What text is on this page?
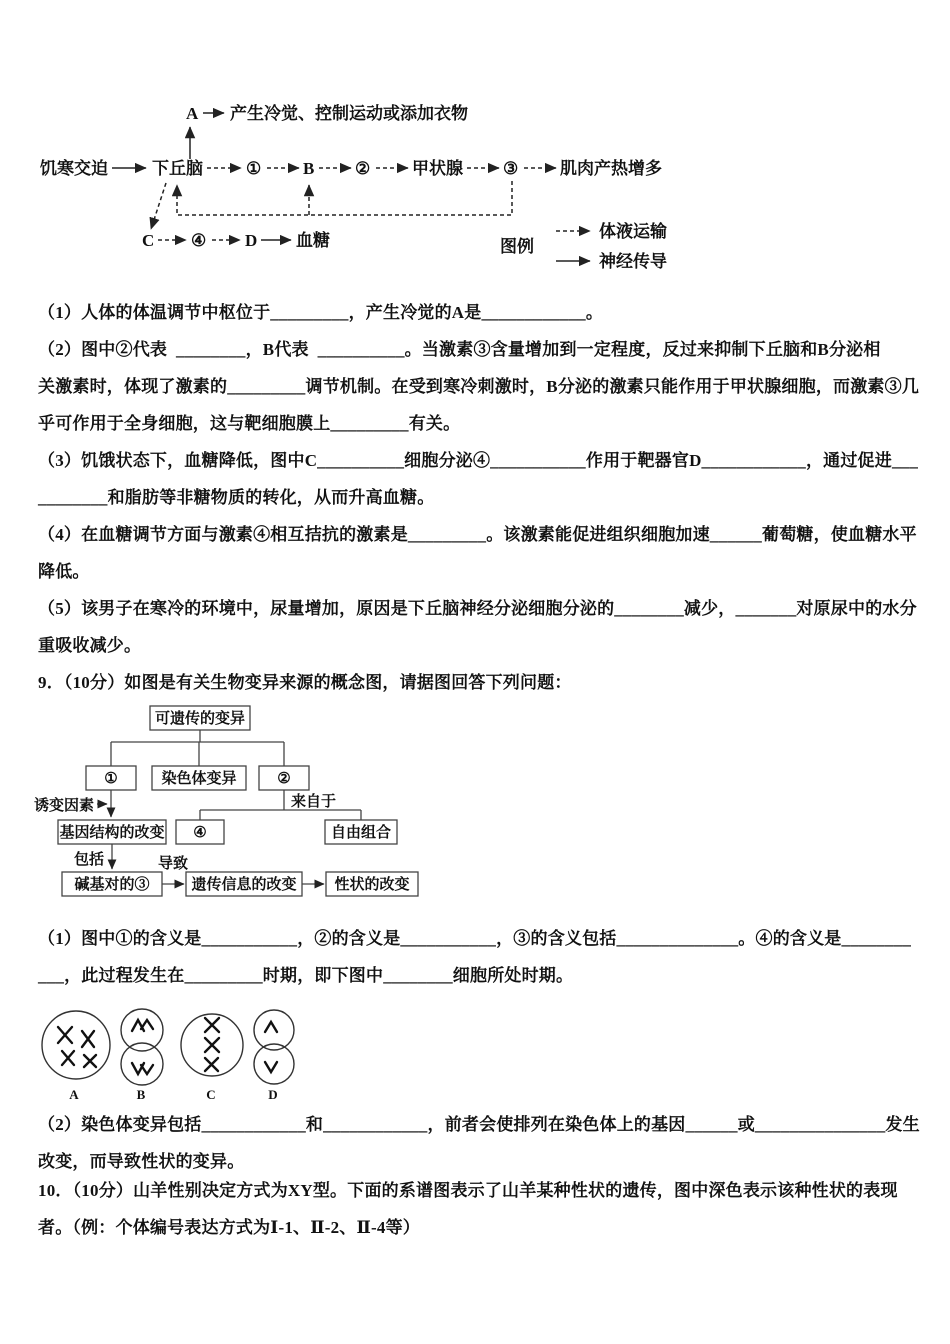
A 产生冷觉、控制运动或添加衣物
饥寒交迫	下丘脑	① B ② 甲状腺 ③ 肌肉产热增多
C ④ D 血糖	图例
体液运输
神经传导
（1）人体的体温调节中枢位于_________，产生冷觉的A是____________。
（2）图中②代表  ________，B代表  __________。当激素③含量增加到一定程度，反过来抑制下丘脑和B分泌相
关激素时，体现了激素的_________调节机制。在受到寒冷刺激时，B分泌的激素只能作用于甲状腺细胞，而激素③几
乎可作用于全身细胞，这与靶细胞膜上_________有关。
（3）饥饿状态下，血糖降低，图中C__________细胞分泌④___________作用于靶器官D____________，通过促进___
________和脂肪等非糖物质的转化，从而升高血糖。
（4）在血糖调节方面与激素④相互拮抗的激素是_________。该激素能促进组织细胞加速______葡萄糖，使血糖水平
降低。
（5）该男子在寒冷的环境中，尿量增加，原因是下丘脑神经分泌细胞分泌的________减少，_______对原尿中的水分
重吸收减少。
9．（10分）如图是有关生物变异来源的概念图，请据图回答下列问题：
可遗传的变异
①	染色体变异	②
诱变因素
基因结构的改变
包括
碱基对的③
导致
遗传信息的改变	性状的改变
来自于
④	自由组合
（1）图中①的含义是___________，②的含义是___________，③的含义包括______________。④的含义是________
___，此过程发生在_________时期，即下图中________细胞所处时期。
A	B	C	D
（2）染色体变异包括____________和____________，前者会使排列在染色体上的基因______或_______________发生
改变，而导致性状的变异。
10．（10分）山羊性别决定方式为XY型。下面的系谱图表示了山羊某种性状的遗传，图中深色表示该种性状的表现
者。（例：个体编号表达方式为Ⅰ-1、Ⅱ-2、Ⅱ-4等）
